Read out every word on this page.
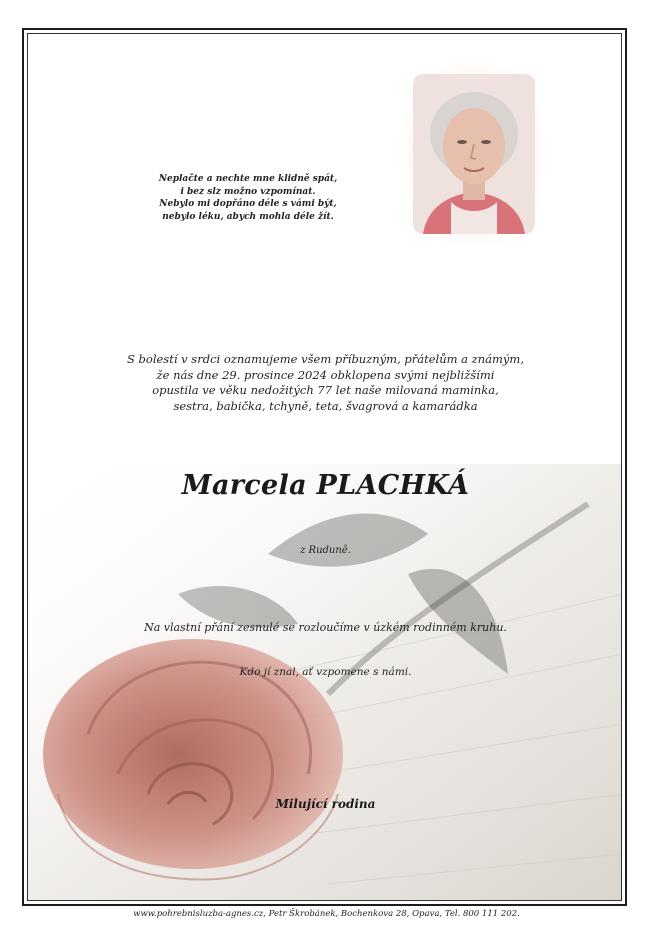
Neplačte a nechte mne klidně spát,
i bez slz možno vzpomínat.
Nebylo mi dopřáno déle s vámi být,
nebylo léku, abych mohla déle žít.
S bolestí v srdci oznamujeme všem příbuzným, přátelům a známým,
že nás dne 29. prosince 2024 obklopena svými nejbližšími
opustila ve věku nedožitých 77 let naše milovaná maminka,
sestra, babička, tchyně, teta, švagrová a kamarádka
Marcela PLACHKÁ
z Ruduně.
Na vlastní přání zesnulé se rozloučíme v úzkém rodinném kruhu.
Kdo jí znal, ať vzpomene s námi.
Milující rodina
www.pohrebnisluzba-agnes.cz, Petr Škrobánek, Bochenkova 28, Opava, Tel. 800 111 202.
